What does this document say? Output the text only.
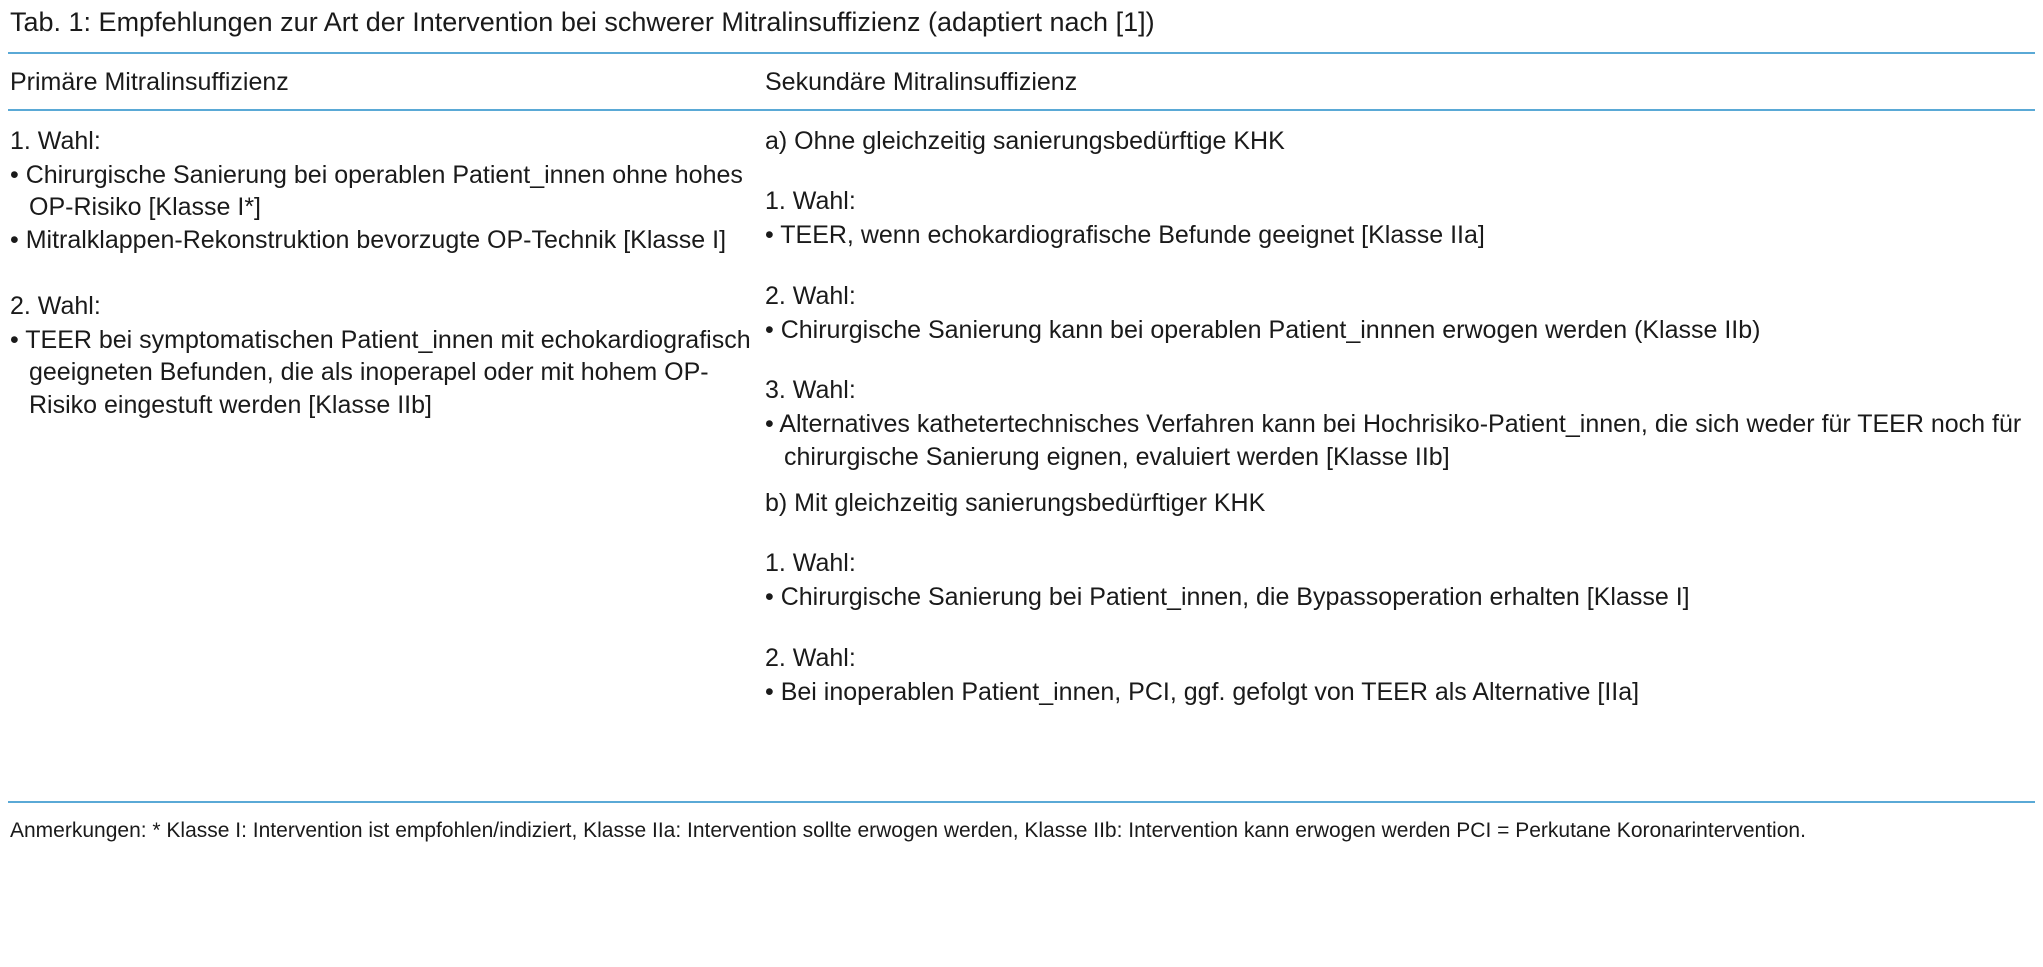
Tab. 1: Empfehlungen zur Art der Intervention bei schwerer Mitralinsuffizienz (adaptiert nach [1])
Primäre Mitralinsuffizienz	Sekundäre Mitralinsuffizienz
1. Wahl:
• Chirurgische Sanierung bei operablen Patient_innen ohne hohes OP-Risiko [Klasse I*]
• Mitralklappen-Rekonstruktion bevorzugte OP-Technik [Klasse I]
2. Wahl:
• TEER bei symptomatischen Patient_innen mit echokardiografisch geeigneten Befunden, die als inoperapel oder mit hohem OP-Risiko eingestuft werden [Klasse IIb]
a) Ohne gleichzeitig sanierungsbedürftige KHK
1. Wahl:
• TEER, wenn echokardiografische Befunde geeignet [Klasse IIa]
2. Wahl:
• Chirurgische Sanierung kann bei operablen Patient_innnen erwogen werden (Klasse IIb)
3. Wahl:
• Alternatives kathetertechnisches Verfahren kann bei Hochrisiko-Patient_innen, die sich weder für TEER noch für chirurgische Sanierung eignen, evaluiert werden [Klasse IIb]
b) Mit gleichzeitig sanierungsbedürftiger KHK
1. Wahl:
• Chirurgische Sanierung bei Patient_innen, die Bypassoperation erhalten [Klasse I]
2. Wahl:
• Bei inoperablen Patient_innen, PCI, ggf. gefolgt von TEER als Alternative [IIa]
Anmerkungen: * Klasse I: Intervention ist empfohlen/indiziert, Klasse IIa: Intervention sollte erwogen werden, Klasse IIb: Intervention kann erwogen werden PCI = Perkutane Koronarintervention.
